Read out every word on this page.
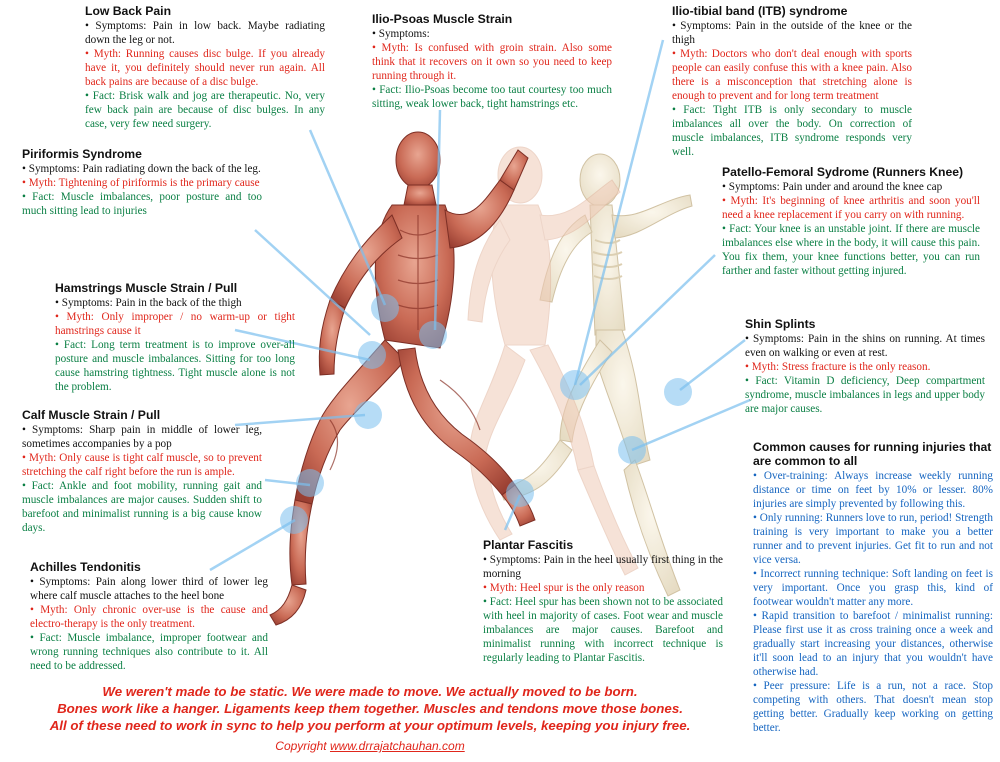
Low Back Pain

• Symptoms: Pain in low back. Maybe radiating down the leg or not.

• Myth: Running causes disc bulge. If you already have it, you definitely should never run again. All back pains are because of a disc bulge.

• Fact: Brisk walk and jog are therapeutic. No, very few back pain are because of disc bulges. In any case, very few need surgery.

Ilio-Psoas Muscle Strain

• Symptoms:

• Myth: Is confused with groin strain. Also some think that it recovers on it own so you need to keep running through it.

• Fact: Ilio-Psoas become too taut courtesy too much sitting, weak lower back, tight hamstrings etc.

Ilio-tibial band (ITB) syndrome

• Symptoms: Pain in the outside of the knee or the thigh

• Myth: Doctors who don't deal enough with sports people can easily confuse this with a knee pain. Also there is a misconception that stretching alone is enough to prevent and for long term treatment

• Fact: Tight ITB is only secondary to muscle imbalances all over the body. On correction of muscle imbalances, ITB syndrome responds very well.

Piriformis Syndrome

• Symptoms: Pain radiating down the back of the leg.

• Myth: Tightening of piriformis is the primary cause

• Fact: Muscle imbalances, poor posture and too much sitting lead to injuries

Patello-Femoral Sydrome (Runners Knee)

• Symptoms: Pain under and around the knee cap

• Myth: It's beginning of knee arthritis and soon you'll need a knee replacement if you carry on with running.

• Fact: Your knee is an unstable joint. If there are muscle imbalances else where in the body, it will cause this pain. You fix them, your knee functions better, you can run farther and faster without getting injured.

Hamstrings Muscle Strain / Pull

• Symptoms: Pain in the back of the thigh

• Myth: Only improper / no warm-up or tight hamstrings cause it

• Fact: Long term treatment is to improve over-all posture and muscle imbalances. Sitting for too long cause hamstring tightness. Tight muscle alone is not the problem.

Shin Splints

• Symptoms: Pain in the shins on running. At times even on walking or even at rest.

• Myth: Stress fracture is the only reason.

• Fact: Vitamin D deficiency, Deep compartment syndrome, muscle imbalances in legs and upper body are major causes.

Calf Muscle Strain / Pull

• Symptoms: Sharp pain in middle of lower leg, sometimes accompanies by a pop

• Myth: Only cause is tight calf muscle, so to prevent stretching the calf right before the run is ample.

• Fact: Ankle and foot mobility, running gait and muscle imbalances are major causes. Sudden shift to barefoot and minimalist running is a big cause know days.

Common causes for running injuries that are common to all

• Over-training: Always increase weekly running distance or time on feet by 10% or lesser. 80% injuries are simply prevented by following this.

• Only running: Runners love to run, period! Strength training is very important to make you a better runner and to prevent injuries. Get fit to run and not vice versa.

• Incorrect running technique: Soft landing on feet is very important. Once you grasp this, kind of footwear wouldn't matter any more.

• Rapid transition to barefoot / minimalist running: Please first use it as cross training once a week and gradually start increasing your distances, otherwise it'll soon lead to an injury that you wouldn't have otherwise had.

• Peer pressure: Life is a run, not a race. Stop competing with others. That doesn't mean stop getting better. Gradually keep working on getting better.

Plantar Fascitis

• Symptoms: Pain in the heel usually first thing in the morning

• Myth: Heel spur is the only reason

• Fact: Heel spur has been shown not to be associated with heel in majority of cases. Foot wear and muscle imbalances are major causes. Barefoot and minimalist running with incorrect technique is regularly leading to Plantar Fascitis.

Achilles Tendonitis

• Symptoms: Pain along lower third of lower leg where calf muscle attaches to the heel bone

• Myth: Only chronic over-use is the cause and electro-therapy is the only treatment.

• Fact: Muscle imbalance, improper footwear and wrong running techniques also contribute to it. All need to be addressed.

We weren't made to be static. We were made to move. We actually moved to be born.
Bones work like a hanger. Ligaments keep them together. Muscles and tendons move those bones.
All of these need to work in sync to help you perform at your optimum levels, keeping you injury free.
Copyright www.drrajatchauhan.com
